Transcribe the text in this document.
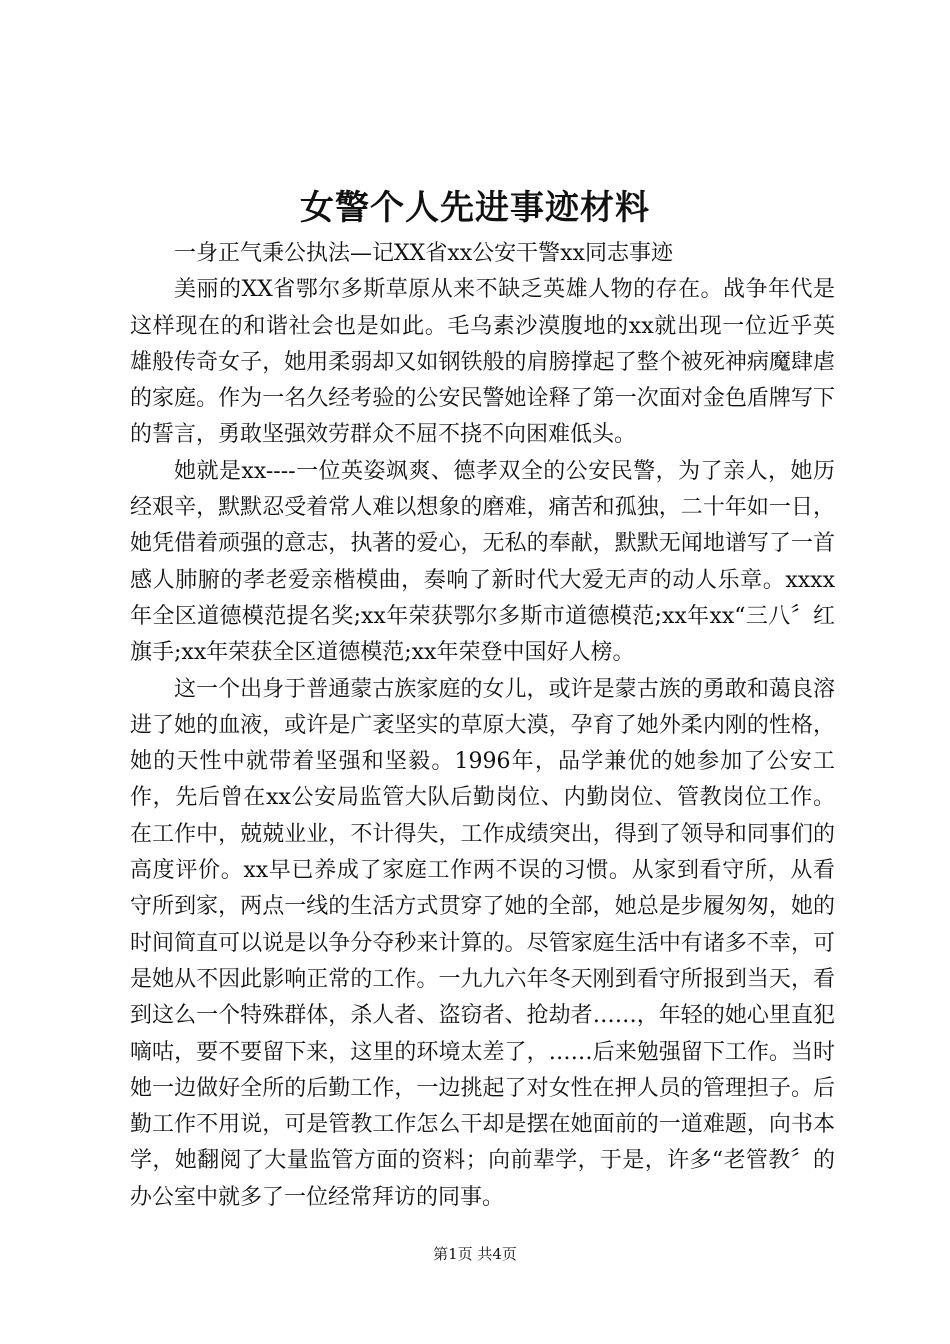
女警个人先进事迹材料

一身正气秉公执法—记XX省xx公安干警xx同志事迹

美丽的XX省鄂尔多斯草原从来不缺乏英雄人物的存在。战争年代是这样现在的和谐社会也是如此。毛乌素沙漠腹地的xx就出现一位近乎英雄般传奇女子，她用柔弱却又如钢铁般的肩膀撑起了整个被死神病魔肆虐的家庭。作为一名久经考验的公安民警她诠释了第一次面对金色盾牌写下的誓言，勇敢坚强效劳群众不屈不挠不向困难低头。

她就是xx----一位英姿飒爽、德孝双全的公安民警，为了亲人，她历经艰辛，默默忍受着常人难以想象的磨难，痛苦和孤独，二十年如一日，她凭借着顽强的意志，执著的爱心，无私的奉献，默默无闻地谱写了一首感人肺腑的孝老爱亲楷模曲，奏响了新时代大爱无声的动人乐章。xxxx年全区道德模范提名奖;xx年荣获鄂尔多斯市道德模范;xx年xx“三八〞红旗手;xx年荣获全区道德模范;xx年荣登中国好人榜。

这一个出身于普通蒙古族家庭的女儿，或许是蒙古族的勇敢和蔼良溶进了她的血液，或许是广袤坚实的草原大漠，孕育了她外柔内刚的性格，她的天性中就带着坚强和坚毅。1996年，品学兼优的她参加了公安工作，先后曾在xx公安局监管大队后勤岗位、内勤岗位、管教岗位工作。在工作中，兢兢业业，不计得失，工作成绩突出，得到了领导和同事们的高度评价。xx早已养成了家庭工作两不误的习惯。从家到看守所，从看守所到家，两点一线的生活方式贯穿了她的全部，她总是步履匆匆，她的时间简直可以说是以争分夺秒来计算的。尽管家庭生活中有诸多不幸，可是她从不因此影响正常的工作。一九九六年冬天刚到看守所报到当天，看到这么一个特殊群体，杀人者、盗窃者、抢劫者……，年轻的她心里直犯嘀咕，要不要留下来，这里的环境太差了，……后来勉强留下工作。当时她一边做好全所的后勤工作，一边挑起了对女性在押人员的管理担子。后勤工作不用说，可是管教工作怎么干却是摆在她面前的一道难题，向书本学，她翻阅了大量监管方面的资料；向前辈学，于是，许多“老管教〞的办公室中就多了一位经常拜访的同事。

第1页 共4页
